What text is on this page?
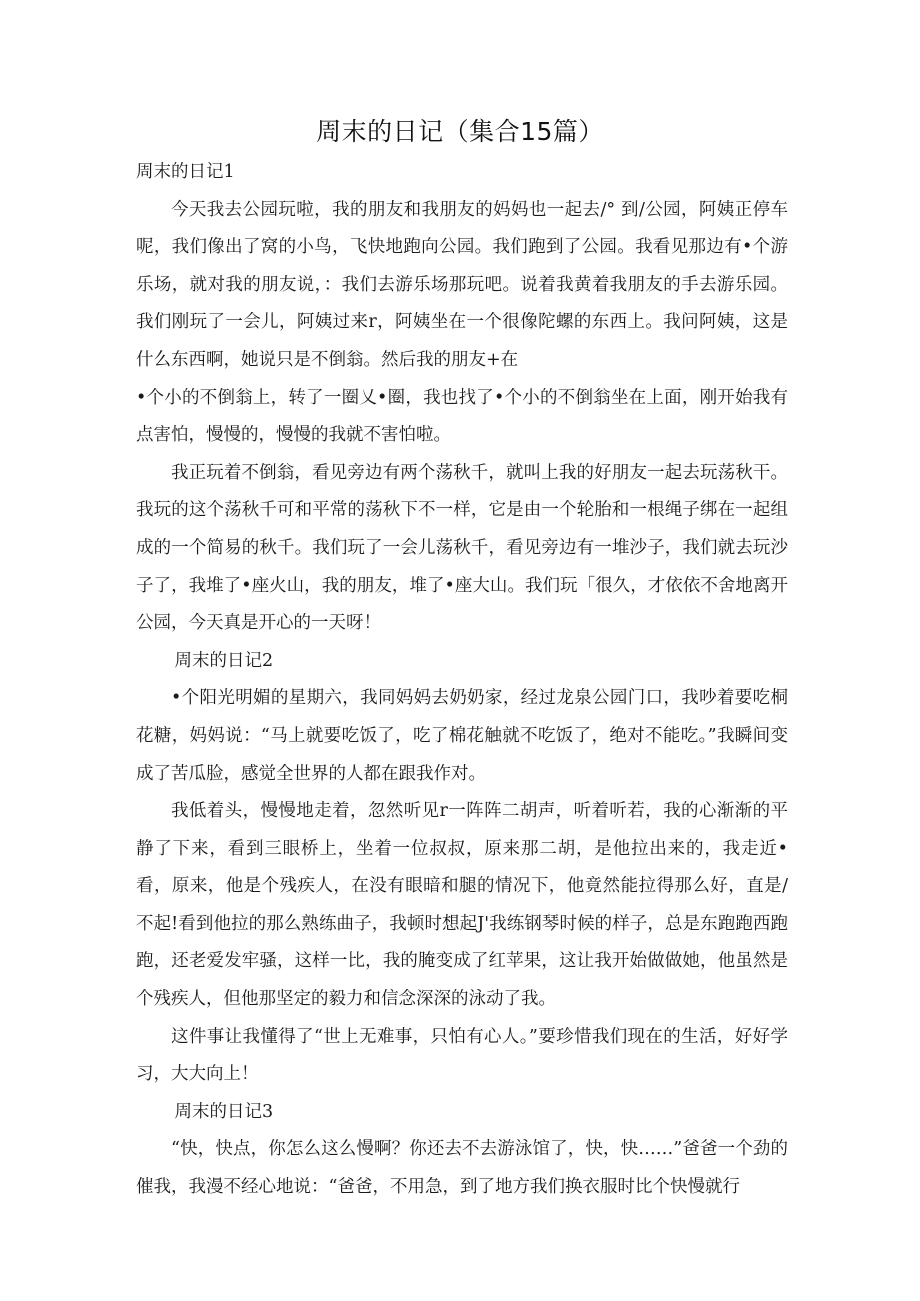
周末的日记（集合15篇）

周末的日记1

今天我去公园玩啦，我的朋友和我朋友的妈妈也一起去/° 到/公园，阿姨正停车呢，我们像出了窝的小鸟，飞快地跑向公园。我们跑到了公园。我看见那边有•个游乐场，就对我的朋友说，：我们去游乐场那玩吧。说着我黄着我朋友的手去游乐园。我们刚玩了一会儿，阿姨过来r，阿姨坐在一个很像陀螺的东西上。我问阿姨，这是什么东西啊，她说只是不倒翁。然后我的朋友+在

•个小的不倒翁上，转了一圈乂•圈，我也找了•个小的不倒翁坐在上面，刚开始我有点害怕，慢慢的，慢慢的我就不害怕啦。

我正玩着不倒翁，看见旁边有两个荡秋千，就叫上我的好朋友一起去玩荡秋干。我玩的这个荡秋千可和平常的荡秋下不一样，它是由一个轮胎和一根绳子绑在一起组成的一个简易的秋千。我们玩了一会儿荡秋千，看见旁边有一堆沙子，我们就去玩沙子了，我堆了•座火山，我的朋友，堆了•座大山。我们玩「很久，才依依不舍地离开公园，今天真是开心的一天呀！

周末的日记2

•个阳光明媚的星期六，我同妈妈去奶奶家，经过龙泉公园门口，我吵着要吃桐花糖，妈妈说：“马上就要吃饭了，吃了棉花触就不吃饭了，绝对不能吃。”我瞬间变成了苦瓜脸，感觉全世界的人都在跟我作对。

我低着头，慢慢地走着，忽然听见r一阵阵二胡声，听着听若，我的心渐渐的平静了下来，看到三眼桥上，坐着一位叔叔，原来那二胡，是他拉出来的，我走近•看，原来，他是个残疾人，在没有眼暗和腿的情况下，他竟然能拉得那么好，直是/不起!看到他拉的那么熟练曲子，我顿时想起J'我练钢琴时候的样子，总是东跑跑西跑跑，还老爱发牢骚，这样一比，我的腌变成了红苹果，这让我开始做做她，他虽然是个残疾人，但他那坚定的毅力和信念深深的泳动了我。

这件事让我懂得了“世上无难事，只怕有心人。”要珍惜我们现在的生活，好好学习，大大向上！

周末的日记3

“快，快点，你怎么这么慢啊？你还去不去游泳馆了，快，快……”爸爸一个劲的催我，我漫不经心地说：“爸爸，不用急，到了地方我们换衣服时比个快慢就行
